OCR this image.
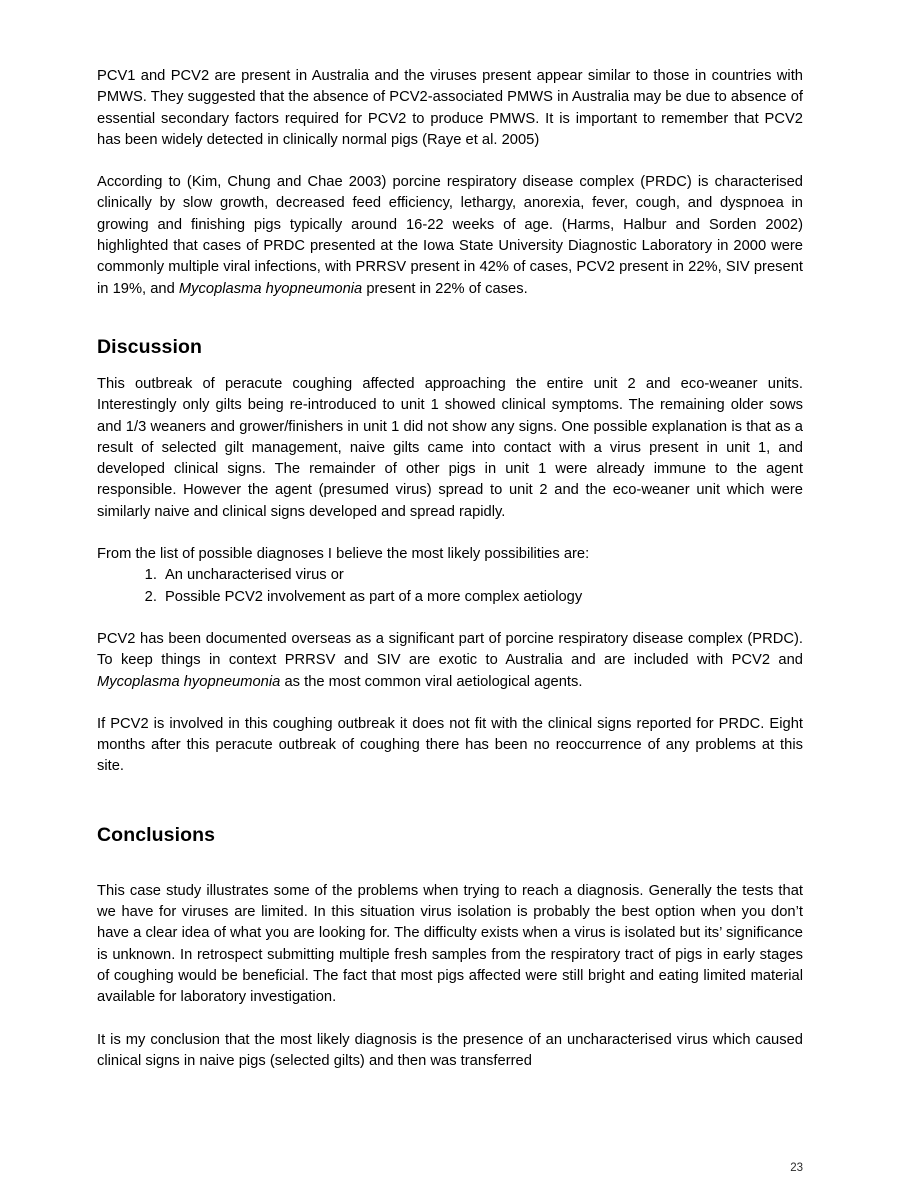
PCV1 and PCV2 are present in Australia and the viruses present appear similar to those in countries with PMWS. They suggested that the absence of PCV2-associated PMWS in Australia may be due to absence of essential secondary factors required for PCV2 to produce PMWS. It is important to remember that PCV2 has been widely detected in clinically normal pigs (Raye et al. 2005)

According to (Kim, Chung and Chae 2003) porcine respiratory disease complex (PRDC) is characterised clinically by slow growth, decreased feed efficiency, lethargy, anorexia, fever, cough, and dyspnoea in growing and finishing pigs typically around 16-22 weeks of age. (Harms, Halbur and Sorden 2002) highlighted that cases of PRDC presented at the Iowa State University Diagnostic Laboratory in 2000 were commonly multiple viral infections, with PRRSV present in 42% of cases, PCV2 present in 22%, SIV present in 19%, and Mycoplasma hyopneumonia present in 22% of cases.

Discussion

This outbreak of peracute coughing affected approaching the entire unit 2 and eco-weaner units. Interestingly only gilts being re-introduced to unit 1 showed clinical symptoms. The remaining older sows and 1/3 weaners and grower/finishers in unit 1 did not show any signs. One possible explanation is that as a result of selected gilt management, naive gilts came into contact with a virus present in unit 1, and developed clinical signs. The remainder of other pigs in unit 1 were already immune to the agent responsible. However the agent (presumed virus) spread to unit 2 and the eco-weaner unit which were similarly naive and clinical signs developed and spread rapidly.

From the list of possible diagnoses I believe the most likely possibilities are:

1. An uncharacterised virus or
2. Possible PCV2 involvement as part of a more complex aetiology

PCV2 has been documented overseas as a significant part of porcine respiratory disease complex (PRDC). To keep things in context PRRSV and SIV are exotic to Australia and are included with PCV2 and Mycoplasma hyopneumonia as the most common viral aetiological agents.

If PCV2 is involved in this coughing outbreak it does not fit with the clinical signs reported for PRDC. Eight months after this peracute outbreak of coughing there has been no reoccurrence of any problems at this site.

Conclusions

This case study illustrates some of the problems when trying to reach a diagnosis. Generally the tests that we have for viruses are limited. In this situation virus isolation is probably the best option when you don’t have a clear idea of what you are looking for. The difficulty exists when a virus is isolated but its’ significance is unknown. In retrospect submitting multiple fresh samples from the respiratory tract of pigs in early stages of coughing would be beneficial. The fact that most pigs affected were still bright and eating limited material available for laboratory investigation.

It is my conclusion that the most likely diagnosis is the presence of an uncharacterised virus which caused clinical signs in naive pigs (selected gilts) and then was transferred

23
